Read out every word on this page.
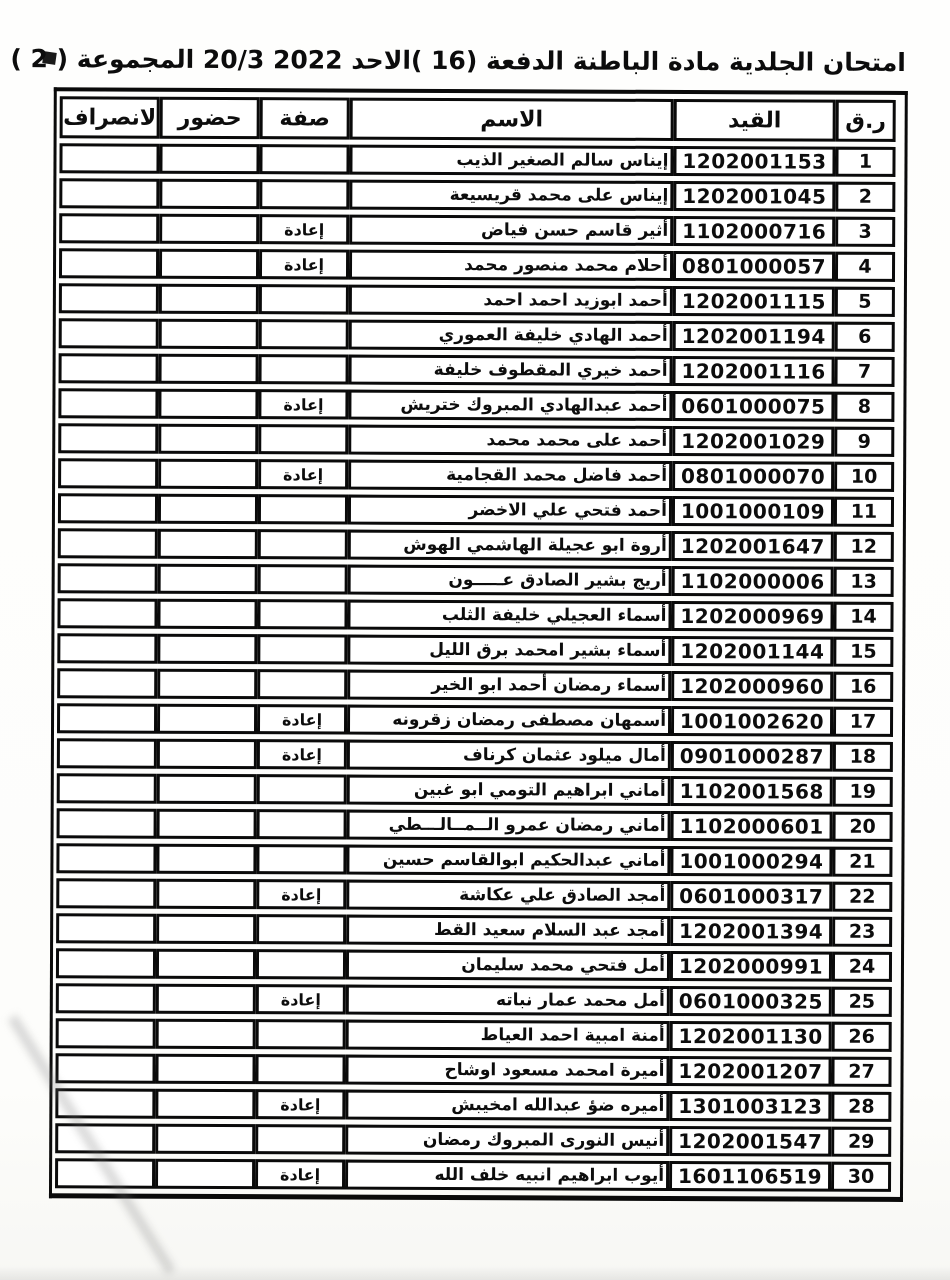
امتحان الجلدية مادة الباطنة الدفعة (16 )الاحد 2022 20/3 المجموعة ( 2 )
ر.ق	القيد	الاسم	صفة	حضور	لانصراف
1	1202001153	إيناس سالم الصغير الذيب			
2	1202001045	إيناس على محمد قريسيعة			
3	1102000716	أثير قاسم حسن فياض	إعادة		
4	0801000057	أحلام محمد منصور محمد	إعادة		
5	1202001115	أحمد ابوزيد احمد احمد			
6	1202001194	أحمد الهادي خليفة العموري			
7	1202001116	أحمد خيري المقطوف خليفة			
8	0601000075	أحمد عبدالهادي المبروك ختريش	إعادة		
9	1202001029	أحمد على محمد محمد			
10	0801000070	أحمد فاضل محمد القجامية	إعادة		
11	1001000109	أحمد فتحي علي الاخضر			
12	1202001647	أروة ابو عجيلة الهاشمي الهوش			
13	1102000006	أريج بشير الصادق عـــــون			
14	1202000969	أسماء العجيلي خليفة الثلب			
15	1202001144	أسماء بشير امحمد برق الليل			
16	1202000960	أسماء رمضان أحمد ابو الخير			
17	1001002620	أسمهان مصطفى رمضان زقرونه	إعادة		
18	0901000287	أمال ميلود عثمان كرناف	إعادة		
19	1102001568	أماني ابراهيم التومي ابو غبين			
20	1102000601	أماني رمضان عمرو الــمــالـــطي			
21	1001000294	أماني عبدالحكيم ابوالقاسم حسين			
22	0601000317	أمجد الصادق علي عكاشة	إعادة		
23	1202001394	أمجد عبد السلام سعيد القط			
24	1202000991	أمل فتحي محمد سليمان			
25	0601000325	أمل محمد عمار نباته	إعادة		
26	1202001130	أمنة امبية احمد العياط			
27	1202001207	أميرة امحمد مسعود اوشاح			
28	1301003123	أميره ضؤ عبدالله امخيبش	إعادة		
29	1202001547	أنيس النورى المبروك رمضان			
30	1601106519	أيوب ابراهيم انبيه خلف الله	إعادة		
